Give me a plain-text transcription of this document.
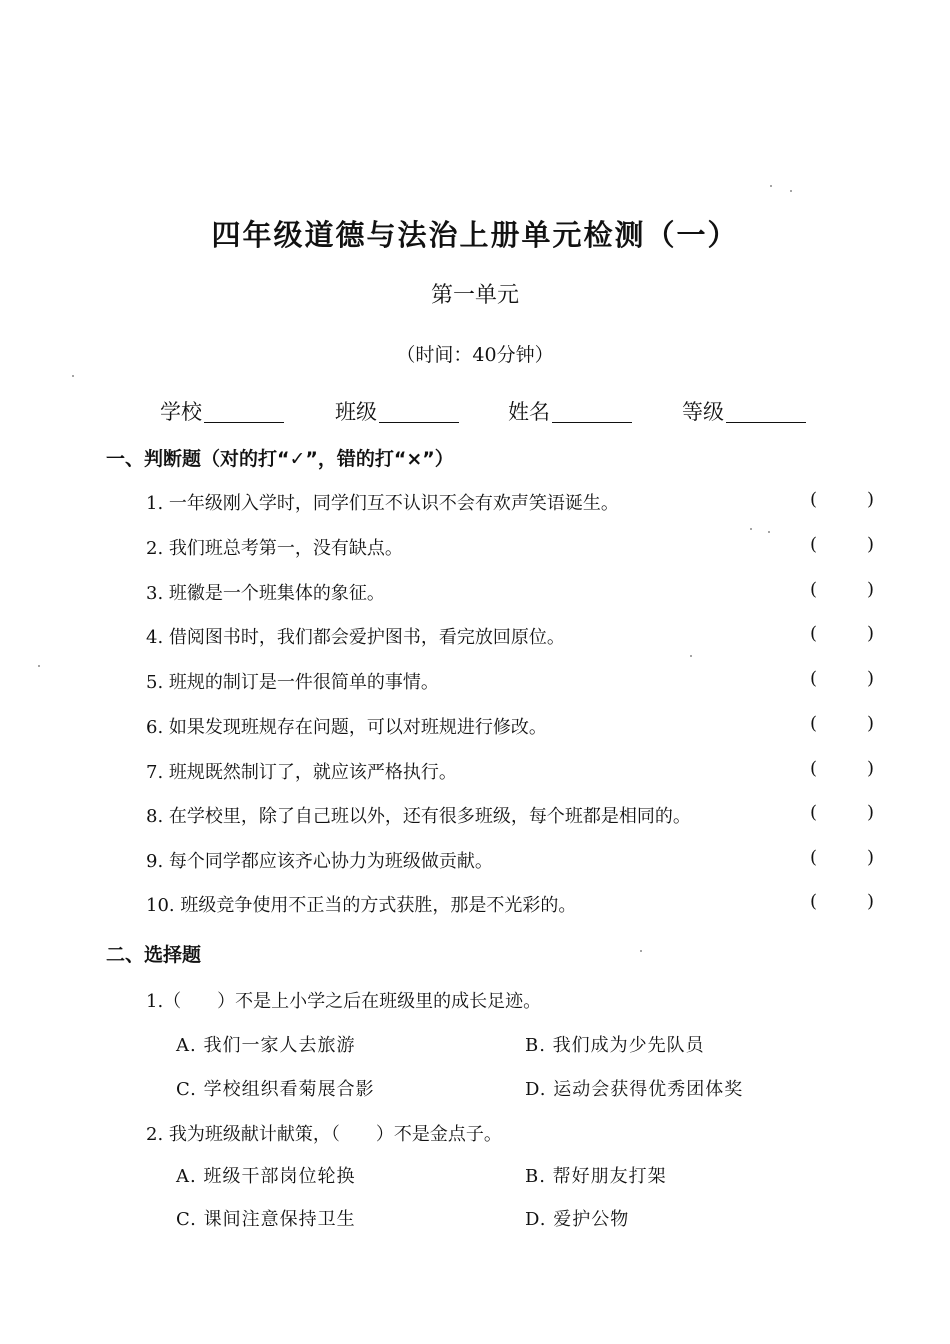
四年级道德与法治上册单元检测（一）
第一单元
（时间：40分钟）
学校	班级	姓名	等级
一、判断题（对的打“✓”，错的打“×”）
1. 一年级刚入学时，同学们互不认识不会有欢声笑语诞生。	(	)
2. 我们班总考第一，没有缺点。	(	)
3. 班徽是一个班集体的象征。	(	)
4. 借阅图书时，我们都会爱护图书，看完放回原位。	(	)
5. 班规的制订是一件很简单的事情。	(	)
6. 如果发现班规存在问题，可以对班规进行修改。	(	)
7. 班规既然制订了，就应该严格执行。	(	)
8. 在学校里，除了自己班以外，还有很多班级，每个班都是相同的。	(	)
9. 每个同学都应该齐心协力为班级做贡献。	(	)
10. 班级竞争使用不正当的方式获胜，那是不光彩的。	(	)
二、选择题
1.（　　）不是上小学之后在班级里的成长足迹。
A. 我们一家人去旅游	B. 我们成为少先队员
C. 学校组织看菊展合影	D. 运动会获得优秀团体奖
2. 我为班级献计献策，（　　）不是金点子。
A. 班级干部岗位轮换	B. 帮好朋友打架
C. 课间注意保持卫生	D. 爱护公物
